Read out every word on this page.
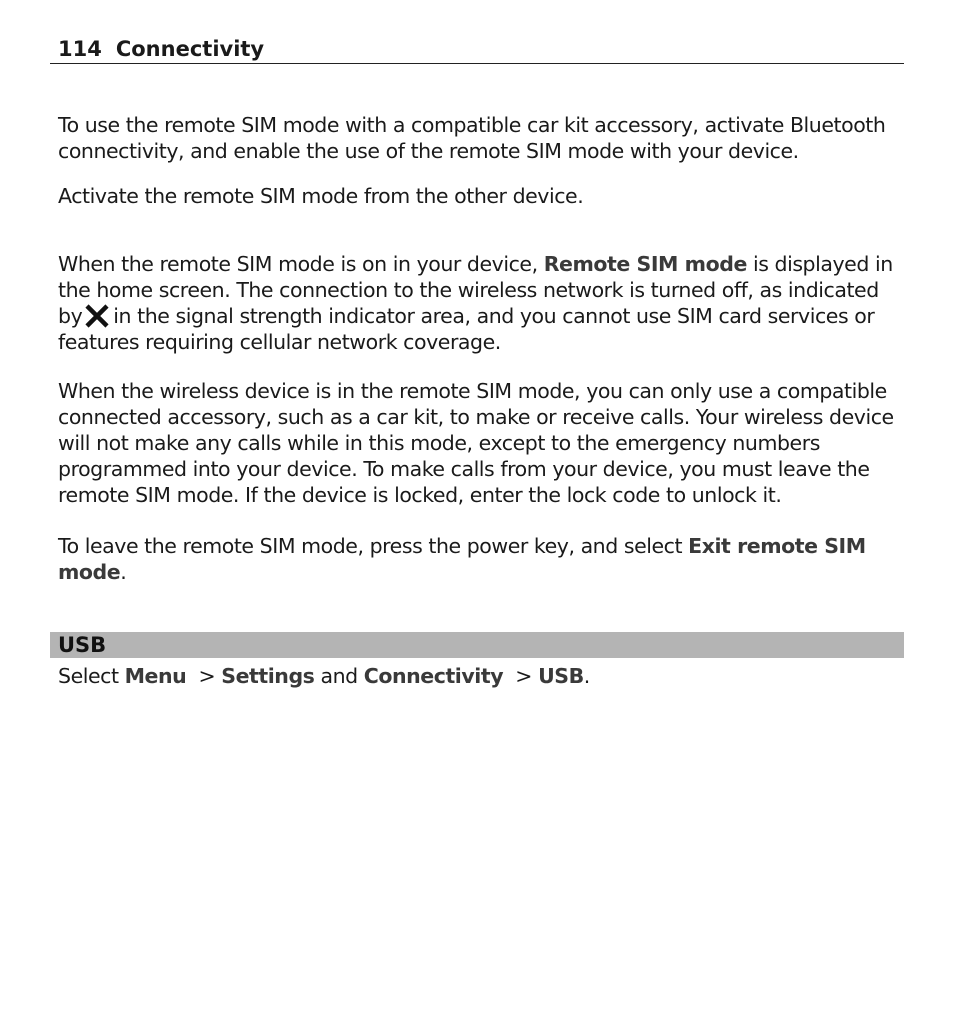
114 Connectivity
To use the remote SIM mode with a compatible car kit accessory, activate Bluetooth connectivity, and enable the use of the remote SIM mode with your device.
Activate the remote SIM mode from the other device.
When the remote SIM mode is on in your device, Remote SIM mode is displayed in the home screen. The connection to the wireless network is turned off, as indicated by in the signal strength indicator area, and you cannot use SIM card services or features requiring cellular network coverage.
When the wireless device is in the remote SIM mode, you can only use a compatible connected accessory, such as a car kit, to make or receive calls. Your wireless device will not make any calls while in this mode, except to the emergency numbers programmed into your device. To make calls from your device, you must leave the remote SIM mode. If the device is locked, enter the lock code to unlock it.
To leave the remote SIM mode, press the power key, and select Exit remote SIM mode.
USB
Select Menu  > Settings and Connectivity  > USB.
